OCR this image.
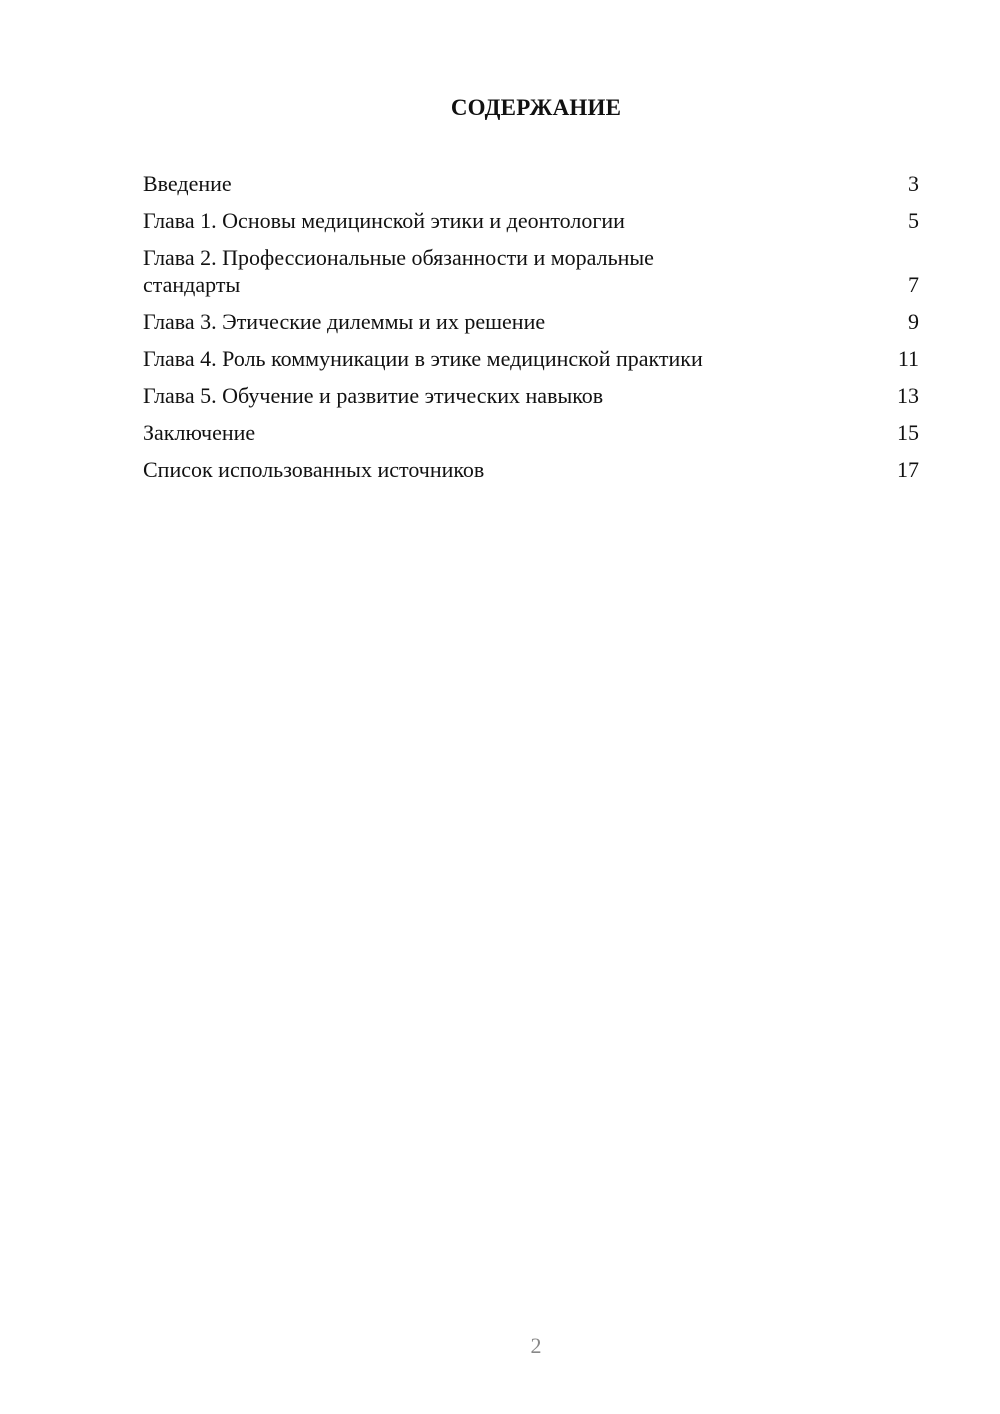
СОДЕРЖАНИЕ
Введение	3
Глава 1. Основы медицинской этики и деонтологии	5
Глава 2. Профессиональные обязанности и моральные стандарты	7
Глава 3. Этические дилеммы и их решение	9
Глава 4. Роль коммуникации в этике медицинской практики	11
Глава 5. Обучение и развитие этических навыков	13
Заключение	15
Список использованных источников	17
2
